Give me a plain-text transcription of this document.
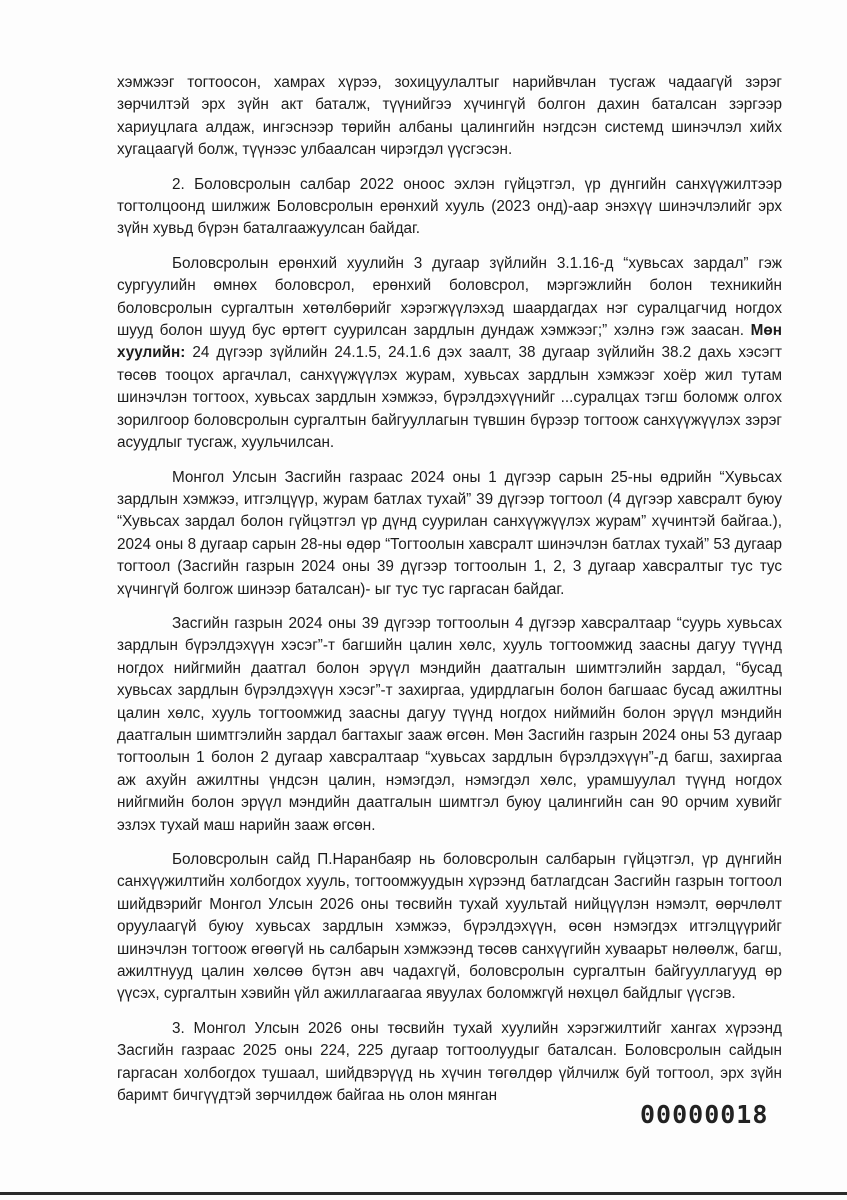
хэмжээг тогтоосон, хамрах хүрээ, зохицуулалтыг нарийвчлан тусгаж чадаагүй зэрэг зөрчилтэй эрх зүйн акт баталж, түүнийгээ хүчингүй болгон дахин баталсан зэргээр хариуцлага алдаж, ингэснээр төрийн албаны цалингийн нэгдсэн системд шинэчлэл хийх хугацаагүй болж, түүнээс улбаалсан чирэгдэл үүсгэсэн.

2. Боловсролын салбар 2022 оноос эхлэн гүйцэтгэл, үр дүнгийн санхүүжилтээр тогтолцоонд шилжиж Боловсролын ерөнхий хууль (2023 онд)-аар энэхүү шинэчлэлийг эрх зүйн хувьд бүрэн баталгаажуулсан байдаг.

Боловсролын ерөнхий хуулийн 3 дугаар зүйлийн 3.1.16-д “хувьсах зардал” гэж сургуулийн өмнөх боловсрол, ерөнхий боловсрол, мэргэжлийн болон техникийн боловсролын сургалтын хөтөлбөрийг хэрэгжүүлэхэд шаардагдах нэг суралцагчид ногдох шууд болон шууд бус өртөгт суурилсан зардлын дундаж хэмжээг;” хэлнэ гэж заасан. Мөн хуулийн: 24 дүгээр зүйлийн 24.1.5, 24.1.6 дэх заалт, 38 дугаар зүйлийн 38.2 дахь хэсэгт төсөв тооцох аргачлал, санхүүжүүлэх журам, хувьсах зардлын хэмжээг хоёр жил тутам шинэчлэн тогтоох, хувьсах зардлын хэмжээ, бүрэлдэхүүнийг ...суралцах тэгш боломж олгох зорилгоор боловсролын сургалтын байгууллагын түвшин бүрээр тогтоож санхүүжүүлэх зэрэг асуудлыг тусгаж, хуульчилсан.

Монгол Улсын Засгийн газраас 2024 оны 1 дүгээр сарын 25-ны өдрийн “Хувьсах зардлын хэмжээ, итгэлцүүр, журам батлах тухай” 39 дүгээр тогтоол (4 дүгээр хавсралт буюу “Хувьсах зардал болон гүйцэтгэл үр дүнд суурилан санхүүжүүлэх журам” хүчинтэй байгаа.), 2024 оны 8 дугаар сарын 28-ны өдөр “Тогтоолын хавсралт шинэчлэн батлах тухай” 53 дугаар тогтоол (Засгийн газрын 2024 оны 39 дүгээр тогтоолын 1, 2, 3 дугаар хавсралтыг тус тус хүчингүй болгож шинээр баталсан)- ыг тус тус гаргасан байдаг.

Засгийн газрын 2024 оны 39 дүгээр тогтоолын 4 дүгээр хавсралтаар “суурь хувьсах зардлын бүрэлдэхүүн хэсэг”-т багшийн цалин хөлс, хууль тогтоомжид заасны дагуу түүнд ногдох нийгмийн даатгал болон эрүүл мэндийн даатгалын шимтгэлийн зардал, “бусад хувьсах зардлын бүрэлдэхүүн хэсэг”-т захиргаа, удирдлагын болон багшаас бусад ажилтны цалин хөлс, хууль тогтоомжид заасны дагуу түүнд ногдох ниймийн болон эрүүл мэндийн даатгалын шимтгэлийн зардал багтахыг зааж өгсөн. Мөн Засгийн газрын 2024 оны 53 дугаар тогтоолын 1 болон 2 дугаар хавсралтаар “хувьсах зардлын бүрэлдэхүүн”-д багш, захиргаа аж ахуйн ажилтны үндсэн цалин, нэмэгдэл, нэмэгдэл хөлс, урамшуулал түүнд ногдох нийгмийн болон эрүүл мэндийн даатгалын шимтгэл буюу цалингийн сан 90 орчим хувийг эзлэх тухай маш нарийн зааж өгсөн.

Боловсролын сайд П.Наранбаяр нь боловсролын салбарын гүйцэтгэл, үр дүнгийн санхүүжилтийн холбогдох хууль, тогтоомжуудын хүрээнд батлагдсан Засгийн газрын тогтоол шийдвэрийг Монгол Улсын 2026 оны төсвийн тухай хуультай нийцүүлэн нэмэлт, өөрчлөлт оруулаагүй буюу хувьсах зардлын хэмжээ, бүрэлдэхүүн, өсөн нэмэгдэх итгэлцүүрийг шинэчлэн тогтоож өгөөгүй нь салбарын хэмжээнд төсөв санхүүгийн хуваарьт нөлөөлж, багш, ажилтнууд цалин хөлсөө бүтэн авч чадахгүй, боловсролын сургалтын байгууллагууд өр үүсэх, сургалтын хэвийн үйл ажиллагаагаа явуулах боломжгүй нөхцөл байдлыг үүсгэв.

3. Монгол Улсын 2026 оны төсвийн тухай хуулийн хэрэгжилтийг хангах хүрээнд Засгийн газраас 2025 оны 224, 225 дугаар тогтоолуудыг баталсан. Боловсролын сайдын гаргасан холбогдох тушаал, шийдвэрүүд нь хүчин төгөлдөр үйлчилж буй тогтоол, эрх зүйн баримт бичгүүдтэй зөрчилдөж байгаа нь олон мянган

00000018
